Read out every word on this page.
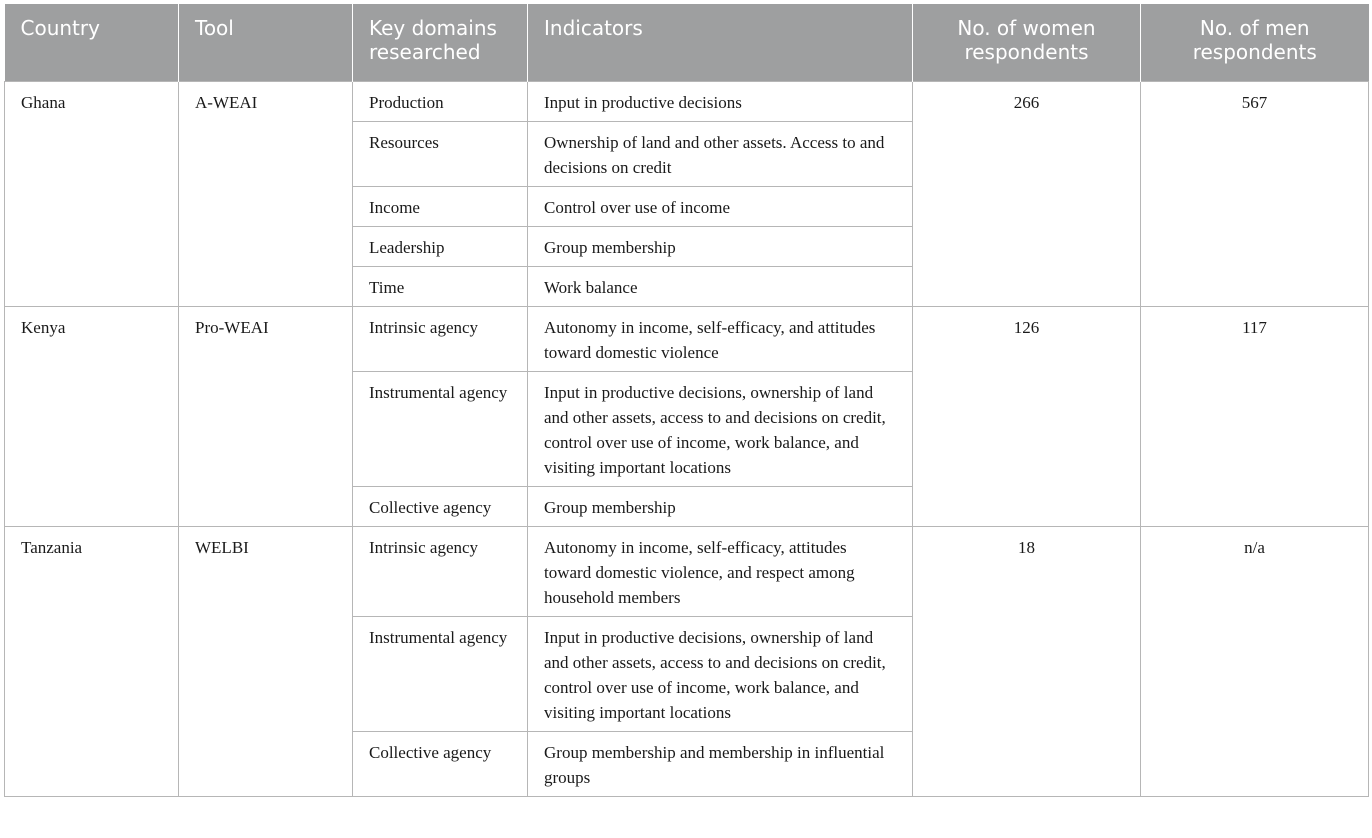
Country	Tool	Key domains researched	Indicators	No. of women respondents	No. of men respondents
Ghana	A-WEAI	Production	Input in productive decisions	266	567
		Resources	Ownership of land and other assets. Access to and decisions on credit		
		Income	Control over use of income		
		Leadership	Group membership		
		Time	Work balance		
Kenya	Pro-WEAI	Intrinsic agency	Autonomy in income, self-efficacy, and attitudes toward domestic violence	126	117
		Instrumental agency	Input in productive decisions, ownership of land and other assets, access to and decisions on credit, control over use of income, work balance, and visiting important locations		
		Collective agency	Group membership		
Tanzania	WELBI	Intrinsic agency	Autonomy in income, self-efficacy, attitudes toward domestic violence, and respect among household members	18	n/a
		Instrumental agency	Input in productive decisions, ownership of land and other assets, access to and decisions on credit, control over use of income, work balance, and visiting important locations		
		Collective agency	Group membership and membership in influential groups		
